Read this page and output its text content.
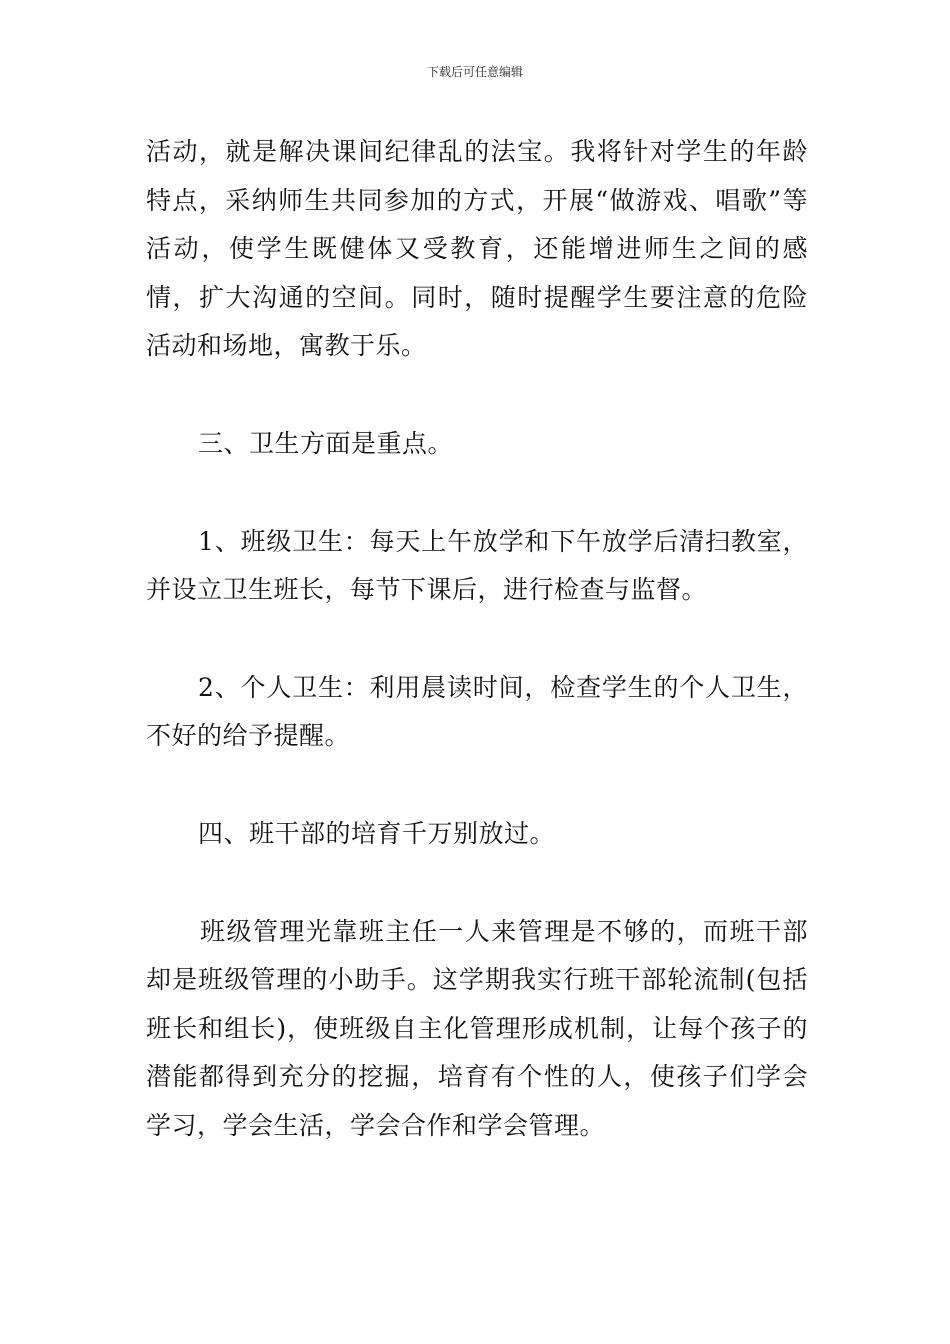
下载后可任意编辑

活动，就是解决课间纪律乱的法宝。我将针对学生的年龄特点，采纳师生共同参加的方式，开展“做游戏、唱歌”等活动，使学生既健体又受教育，还能增进师生之间的感情，扩大沟通的空间。同时，随时提醒学生要注意的危险活动和场地，寓教于乐。

三、卫生方面是重点。

1、班级卫生：每天上午放学和下午放学后清扫教室，并设立卫生班长，每节下课后，进行检查与监督。

2、个人卫生：利用晨读时间，检查学生的个人卫生，不好的给予提醒。

四、班干部的培育千万别放过。

班级管理光靠班主任一人来管理是不够的，而班干部却是班级管理的小助手。这学期我实行班干部轮流制(包括班长和组长)，使班级自主化管理形成机制，让每个孩子的潜能都得到充分的挖掘，培育有个性的人，使孩子们学会学习，学会生活，学会合作和学会管理。
